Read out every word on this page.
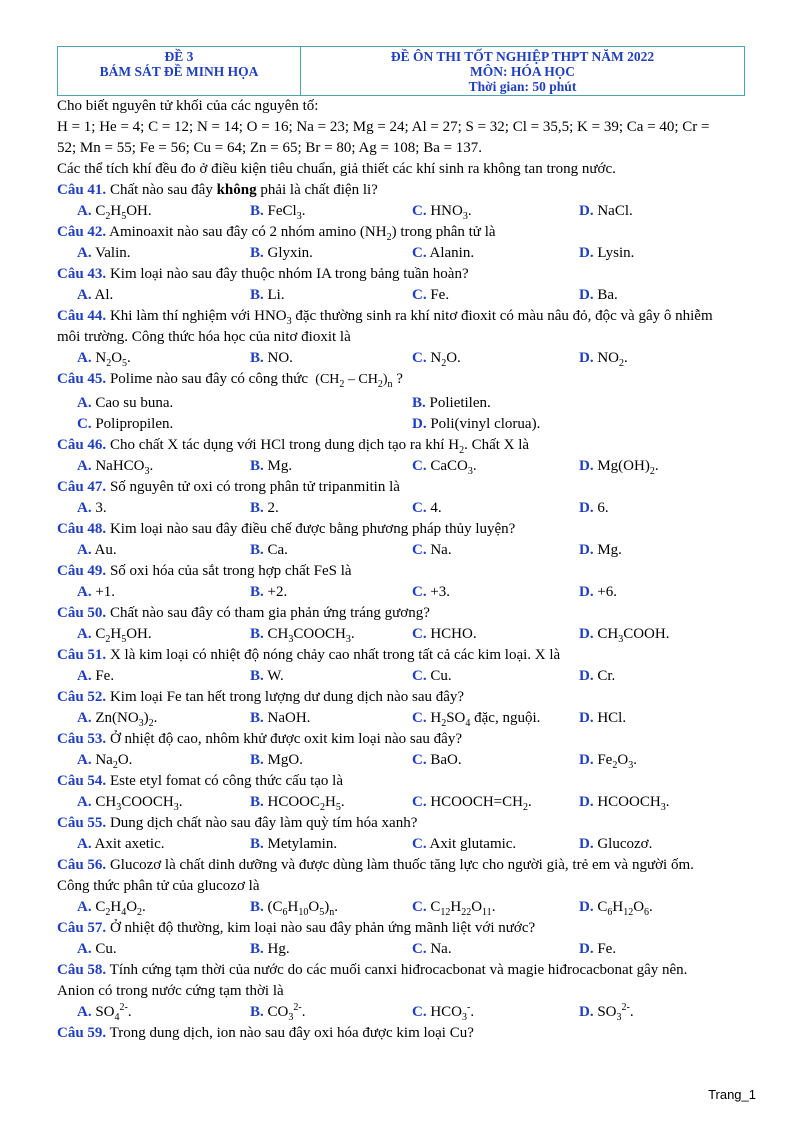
ĐỀ 3
BÁM SÁT ĐỀ MINH HỌA

ĐỀ ÔN THI TỐT NGHIỆP THPT NĂM 2022
MÔN: HÓA HỌC
Thời gian: 50 phút
Cho biết nguyên tử khối của các nguyên tố:
H = 1; He = 4; C = 12; N = 14; O = 16; Na = 23; Mg = 24; Al = 27; S = 32; Cl = 35,5; K = 39; Ca = 40; Cr =
52; Mn = 55; Fe = 56; Cu = 64; Zn = 65; Br = 80; Ag = 108; Ba = 137.
Các thể tích khí đều đo ở điều kiện tiêu chuẩn, giả thiết các khí sinh ra không tan trong nước.

Câu 41. Chất nào sau đây không phải là chất điện li?

A. $C_2H_5OH$.	B. FeCl$_3$.	C. $HNO_3$.	D. NaCl.

Câu 42. Aminoaxit nào sau đây có 2 nhóm amino $(NH_2)$ trong phân tử là

A. Valin.	B. Glyxin.	C. Alanin.	D. Lysin.

Câu 43. Kim loại nào sau đây thuộc nhóm IA trong bảng tuần hoàn?

A. Al.	B. Li.	C. Fe.	D. Ba.

Câu 44. Khi làm thí nghiệm với $HNO_3$ đặc thường sinh ra khí nitơ đioxit có màu nâu đỏ, độc và gây ô nhiễm

môi trường. Công thức hóa học của nitơ đioxit là

A. $N_2O_5$.	B. NO.	C. $N_2O$.	D. $NO_2$.

Câu 45. Polime nào sau đây có công thức  $(CH_2 - CH_2)_n$ ?

A. Cao su buna.	B. Polietilen.
C. Polipropilen.	D. Poli(vinyl clorua).

Câu 46. Cho chất X tác dụng với HCl trong dung dịch tạo ra khí $H_2$. Chất X là

A. NaHCO$_3$.	B. Mg.	C. CaCO$_3$.	D. $Mg(OH)_2$.

Câu 47. Số nguyên tử oxi có trong phân tử tripanmitin là

A. 3.	B. 2.	C. 4.	D. 6.

Câu 48. Kim loại nào sau đây điều chế được bằng phương pháp thủy luyện?

A. Au.	B. Ca.	C. Na.	D. Mg.

Câu 49. Số oxi hóa của sắt trong hợp chất FeS là

A. +1.	B. +2.	C. +3.	D. +6.

Câu 50. Chất nào sau đây có tham gia phản ứng tráng gương?

A. $C_2H_5OH$.	B. $CH_3COOCH_3$.	C. HCHO.	D. $CH_3COOH$.

Câu 51. X là kim loại có nhiệt độ nóng chảy cao nhất trong tất cả các kim loại. X là

A. Fe.	B. W.	C. Cu.	D. Cr.

Câu 52. Kim loại Fe tan hết trong lượng dư dung dịch nào sau đây?

A. $Zn(NO_3)_2$.	B. NaOH.	C. $H_2SO_4$ đặc, nguội.	D. HCl.

Câu 53. Ở nhiệt độ cao, nhôm khử được oxit kim loại nào sau đây?

A. $Na_2O$.	B. MgO.	C. BaO.	D. $Fe_2O_3$.

Câu 54. Este etyl fomat có công thức cấu tạo là

A. $CH_3COOCH_3$.	B. $HCOOC_2H_5$.	C. $HCOOCH=CH_2$.	D. $HCOOCH_3$.

Câu 55. Dung dịch chất nào sau đây làm quỳ tím hóa xanh?

A. Axit axetic.	B. Metylamin.	C. Axit glutamic.	D. Glucozơ.

Câu 56. Glucozơ là chất dinh dưỡng và được dùng làm thuốc tăng lực cho người già, trẻ em và người ốm.

Công thức phân tử của glucozơ là

A. $C_2H_4O_2$.	B. $(C_6H_{10}O_5)_n$.	C. $C_{12}H_{22}O_{11}$.	D. $C_6H_{12}O_6$.

Câu 57. Ở nhiệt độ thường, kim loại nào sau đây phản ứng mãnh liệt với nước?

A. Cu.	B. Hg.	C. Na.	D. Fe.

Câu 58. Tính cứng tạm thời của nước do các muối canxi hiđrocacbonat và magie hiđrocacbonat gây nên.

Anion có trong nước cứng tạm thời là

A. $SO_4^{2-}$.	B. $CO_3^{2-}$.	C. $HCO_3^-$.	D. $SO_3^{2-}$.

Câu 59. Trong dung dịch, ion nào sau đây oxi hóa được kim loại Cu?

Trang_1
